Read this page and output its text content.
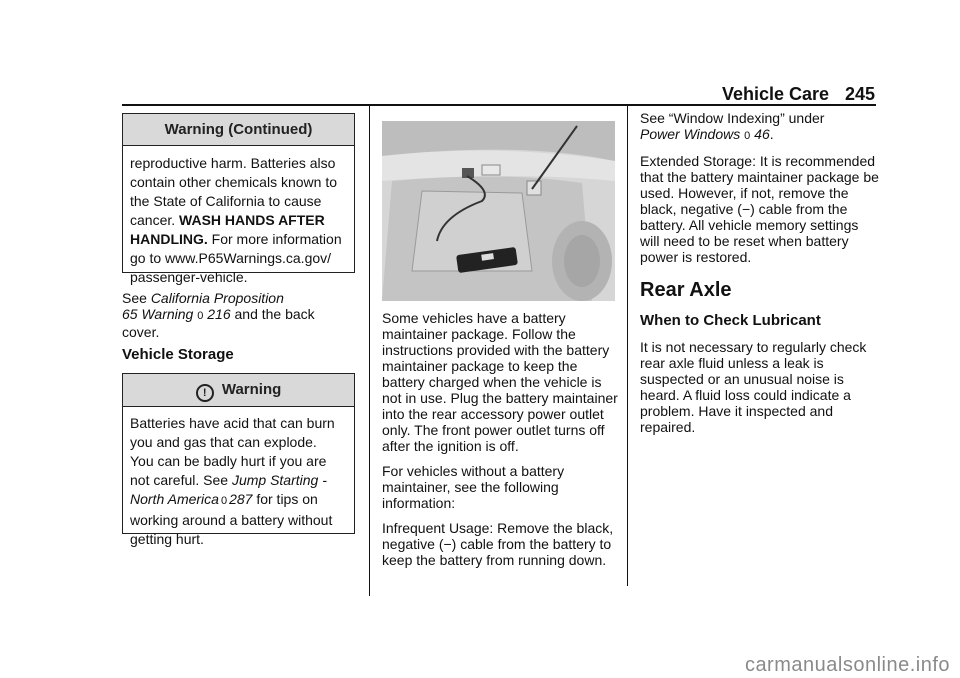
Vehicle Care 245
Warning (Continued)
reproductive harm. Batteries also
contain other chemicals known to
the State of California to cause
cancer. WASH HANDS AFTER
HANDLING. For more information
go to www.P65Warnings.ca.gov/
passenger-vehicle.
See California Proposition
65 Warning 0 216 and the back
cover.
Vehicle Storage
! Warning
Batteries have acid that can burn
you and gas that can explode.
You can be badly hurt if you are
not careful. See Jump Starting -
North America 0 287 for tips on
working around a battery without
getting hurt.

Some vehicles have a battery maintainer package. Follow the instructions provided with the battery maintainer package to keep the battery charged when the vehicle is not in use. Plug the battery maintainer into the rear accessory power outlet only. The front power outlet turns off after the ignition is off.

For vehicles without a battery maintainer, see the following information:

Infrequent Usage: Remove the black, negative (−) cable from the battery to keep the battery from running down.

See “Window Indexing” under
Power Windows 0 46.

Extended Storage: It is recommended that the battery maintainer package be used. However, if not, remove the black, negative (−) cable from the battery. All vehicle memory settings will need to be reset when battery power is restored.

Rear Axle
When to Check Lubricant

It is not necessary to regularly check rear axle fluid unless a leak is suspected or an unusual noise is heard. A fluid loss could indicate a problem. Have it inspected and repaired.

carmanualsonline.info
